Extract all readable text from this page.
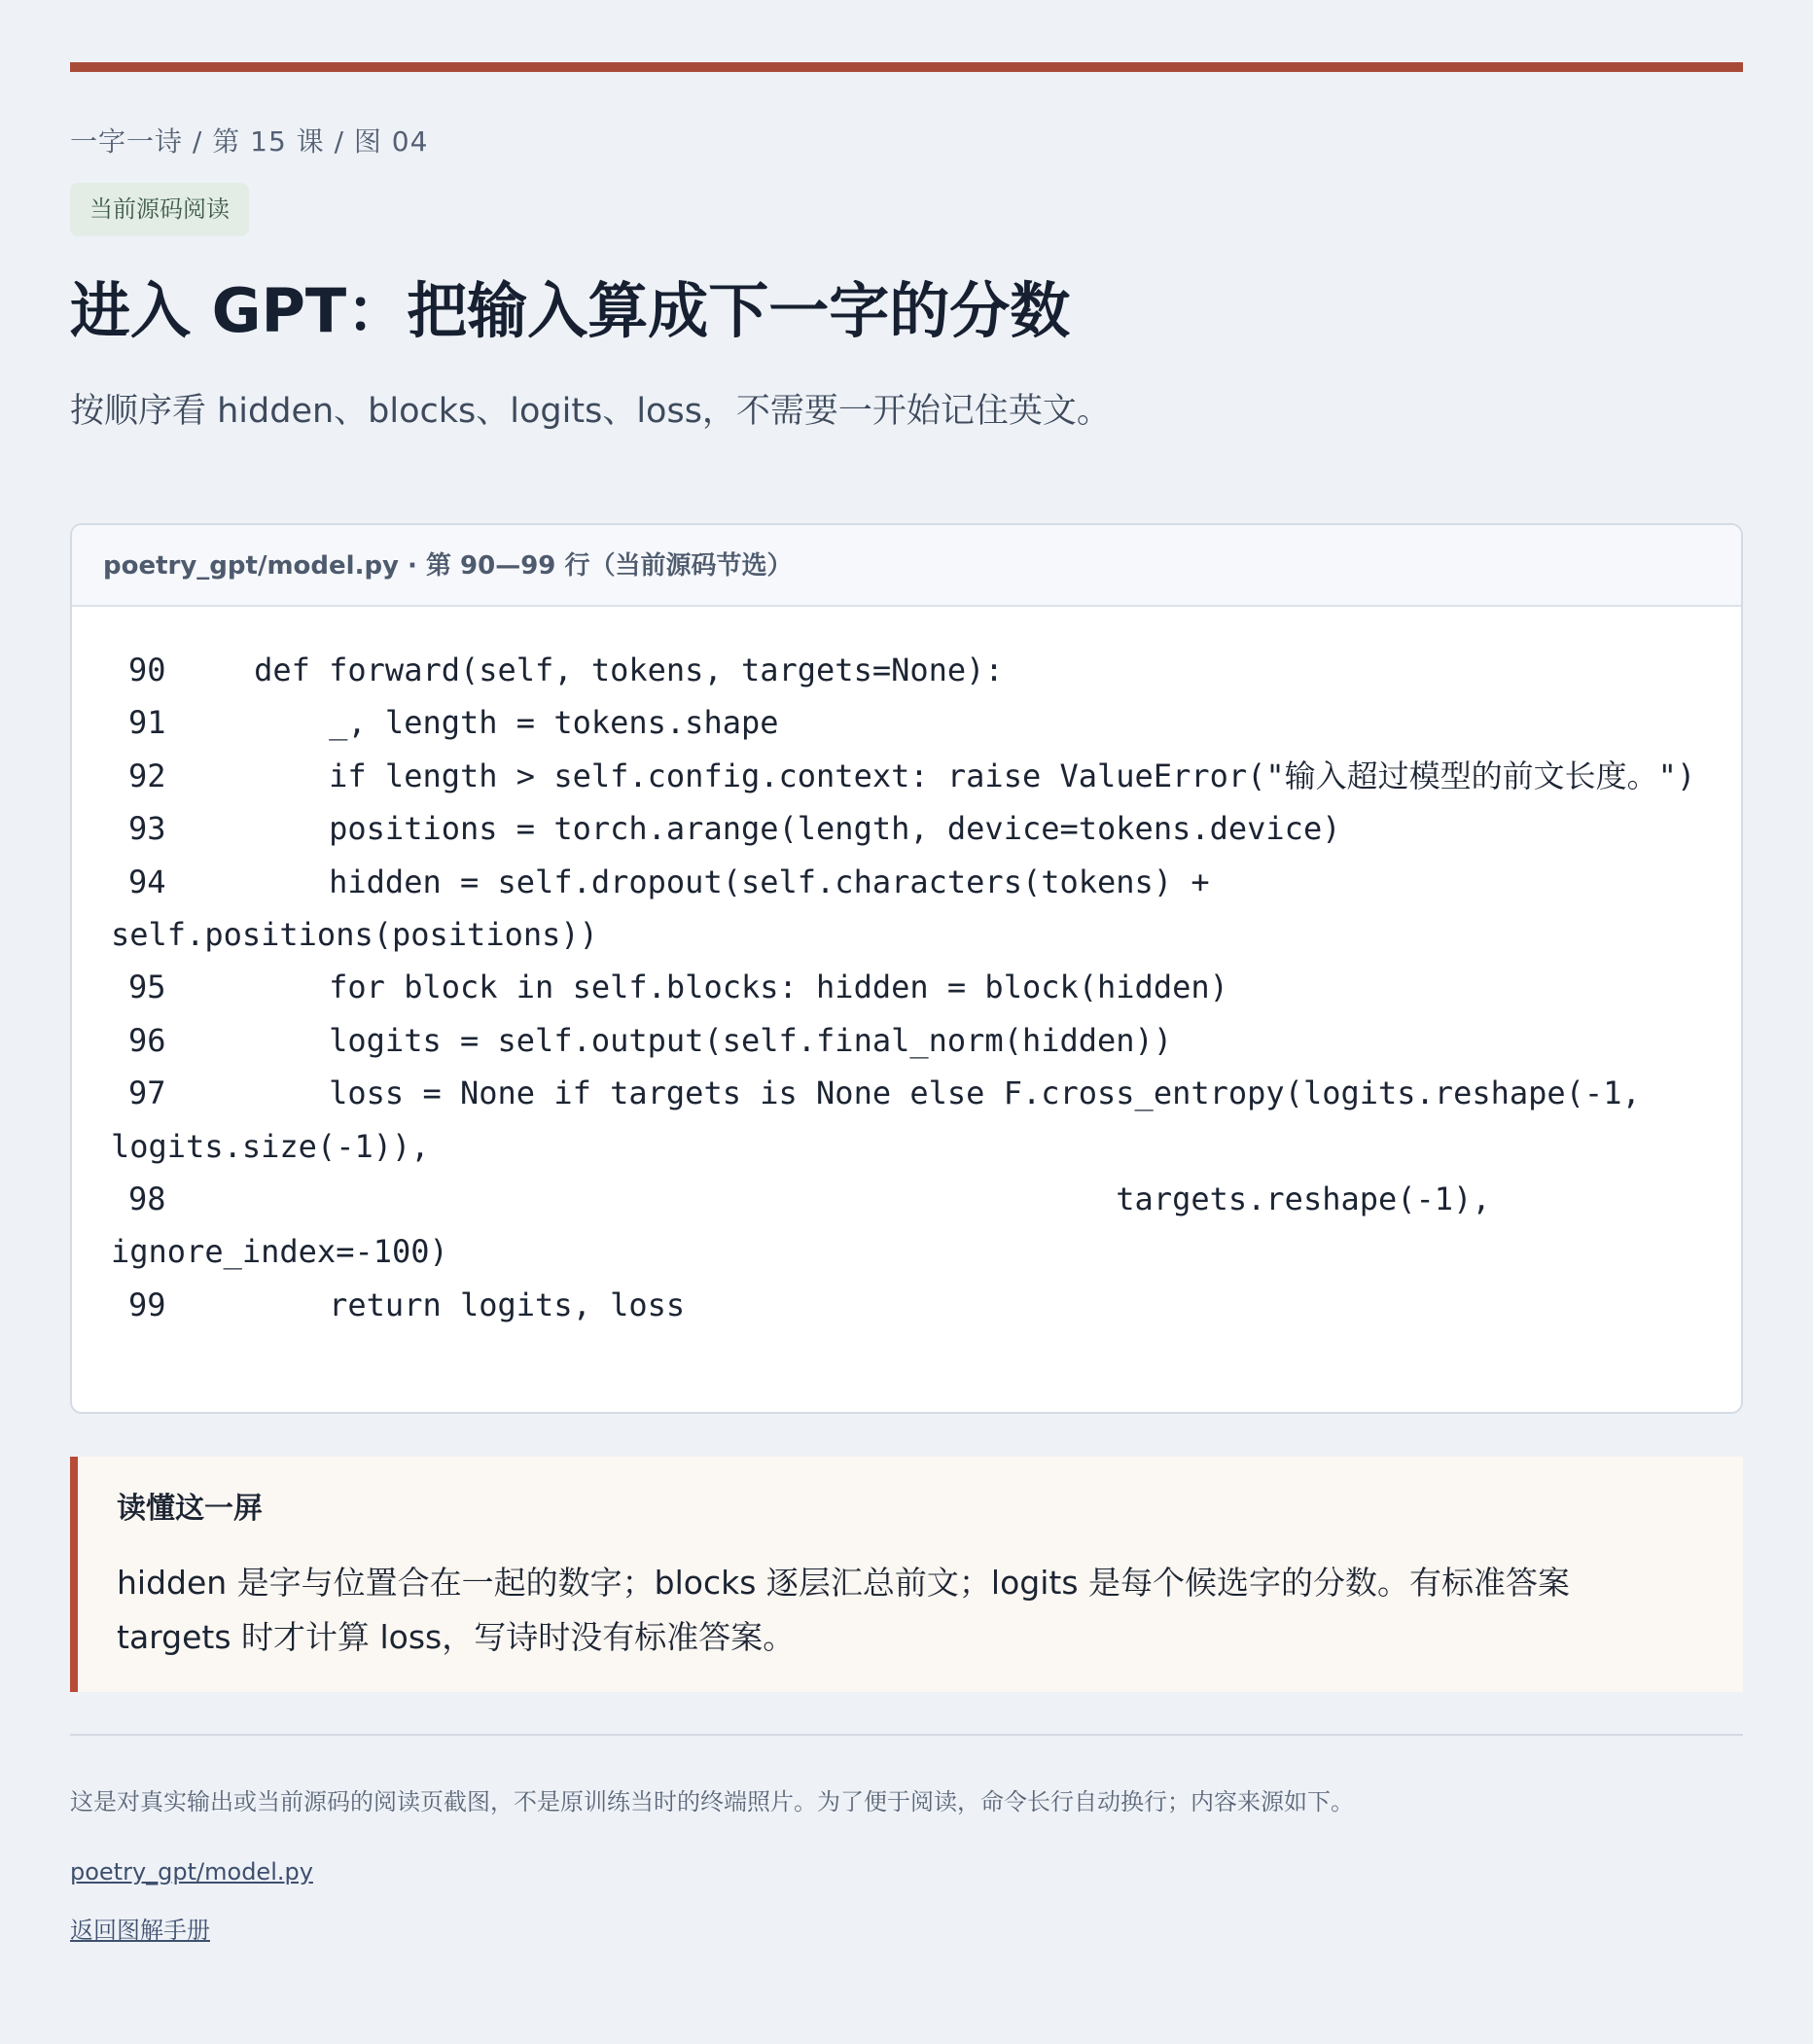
一字一诗 / 第 15 课 / 图 04
当前源码阅读
进入 GPT：把输入算成下一字的分数

按顺序看 hidden、blocks、logits、loss，不需要一开始记住英文。

poetry_gpt/model.py · 第 90—99 行（当前源码节选）
90    def forward(self, tokens, targets=None):
91        _, length = tokens.shape
92        if length > self.config.context: raise ValueError("输入超过模型的前文长度。")
93        positions = torch.arange(length, device=tokens.device)
94        hidden = self.dropout(self.characters(tokens) + self.positions(positions))
95        for block in self.blocks: hidden = block(hidden)
96        logits = self.output(self.final_norm(hidden))
97        loss = None if targets is None else F.cross_entropy(logits.reshape(-1, logits.size(-1)),
98                                                  targets.reshape(-1), ignore_index=-100)
99        return logits, loss
读懂这一屏
hidden 是字与位置合在一起的数字；blocks 逐层汇总前文；logits 是每个候选字的分数。有标准答案 targets 时才计算 loss，写诗时没有标准答案。
这是对真实输出或当前源码的阅读页截图，不是原训练当时的终端照片。为了便于阅读，命令长行自动换行；内容来源如下。
poetry_gpt/model.py
返回图解手册
